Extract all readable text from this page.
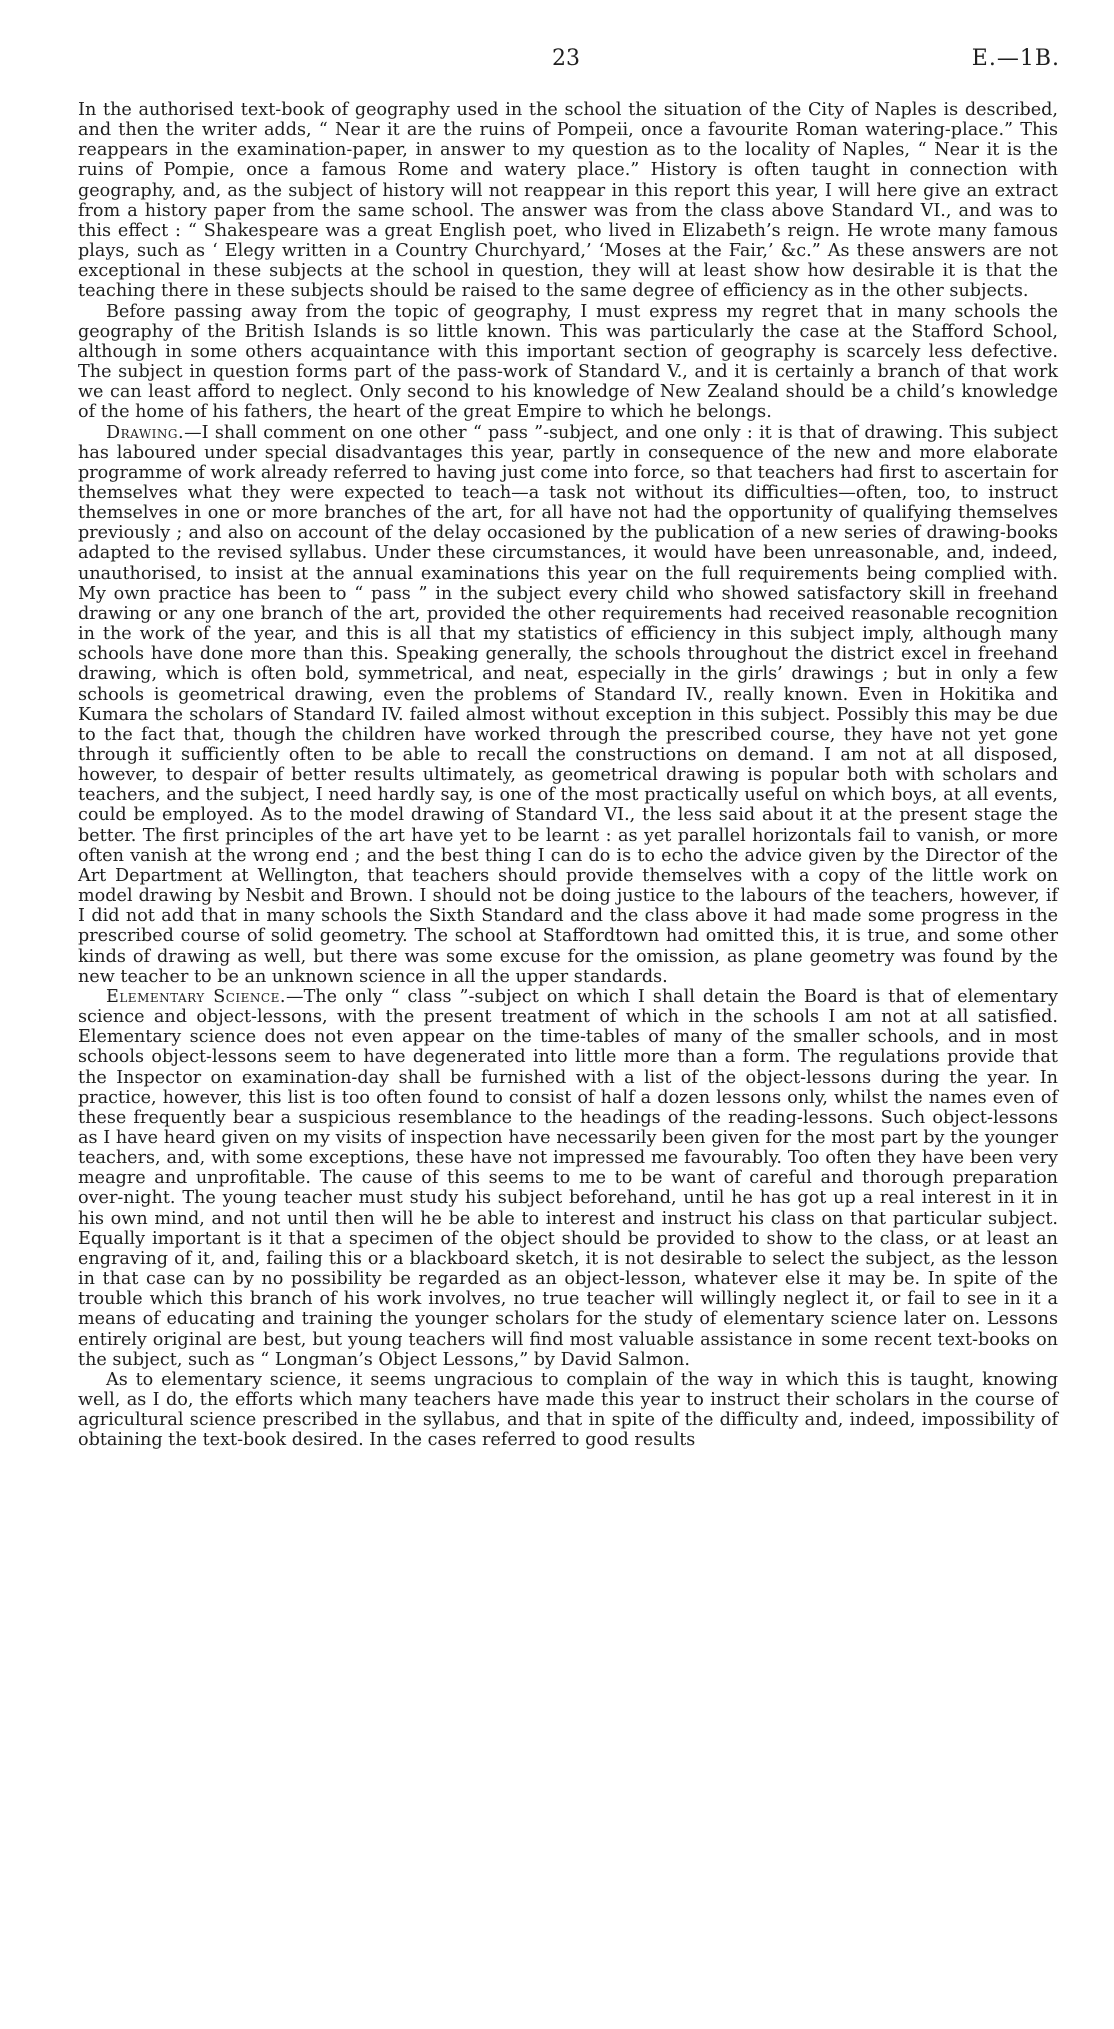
23	E.—1B.

In the authorised text-book of geography used in the school the situation of the City of Naples is described, and then the writer adds, “ Near it are the ruins of Pompeii, once a favourite Roman watering-place.” This reappears in the examination-paper, in answer to my question as to the locality of Naples, “ Near it is the ruins of Pompie, once a famous Rome and watery place.” History is often taught in connection with geography, and, as the subject of history will not reappear in this report this year, I will here give an extract from a history paper from the same school. The answer was from the class above Standard VI., and was to this effect : “ Shakespeare was a great English poet, who lived in Elizabeth’s reign. He wrote many famous plays, such as ‘ Elegy written in a Country Churchyard,’ ‘Moses at the Fair,’ &c.” As these answers are not exceptional in these subjects at the school in question, they will at least show how desirable it is that the teaching there in these subjects should be raised to the same degree of efficiency as in the other subjects.

Before passing away from the topic of geography, I must express my regret that in many schools the geography of the British Islands is so little known. This was particularly the case at the Stafford School, although in some others acquaintance with this important section of geography is scarcely less defective. The subject in question forms part of the pass-work of Standard V., and it is certainly a branch of that work we can least afford to neglect. Only second to his knowledge of New Zealand should be a child’s knowledge of the home of his fathers, the heart of the great Empire to which he belongs.

Drawing.—I shall comment on one other “ pass ”-subject, and one only : it is that of drawing. This subject has laboured under special disadvantages this year, partly in consequence of the new and more elaborate programme of work already referred to having just come into force, so that teachers had first to ascertain for themselves what they were expected to teach—a task not without its difficulties—often, too, to instruct themselves in one or more branches of the art, for all have not had the opportunity of qualifying themselves previously ; and also on account of the delay occasioned by the publication of a new series of drawing-books adapted to the revised syllabus. Under these circumstances, it would have been unreasonable, and, indeed, unauthorised, to insist at the annual examinations this year on the full requirements being complied with. My own practice has been to “ pass ” in the subject every child who showed satisfactory skill in freehand drawing or any one branch of the art, provided the other requirements had received reasonable recognition in the work of the year, and this is all that my statistics of efficiency in this subject imply, although many schools have done more than this. Speaking generally, the schools throughout the district excel in freehand drawing, which is often bold, symmetrical, and neat, especially in the girls’ drawings ; but in only a few schools is geometrical drawing, even the problems of Standard IV., really known. Even in Hokitika and Kumara the scholars of Standard IV. failed almost without exception in this subject. Possibly this may be due to the fact that, though the children have worked through the prescribed course, they have not yet gone through it sufficiently often to be able to recall the constructions on demand. I am not at all disposed, however, to despair of better results ultimately, as geometrical drawing is popular both with scholars and teachers, and the subject, I need hardly say, is one of the most practically useful on which boys, at all events, could be employed. As to the model drawing of Standard VI., the less said about it at the present stage the better. The first principles of the art have yet to be learnt : as yet parallel horizontals fail to vanish, or more often vanish at the wrong end ; and the best thing I can do is to echo the advice given by the Director of the Art Department at Wellington, that teachers should provide themselves with a copy of the little work on model drawing by Nesbit and Brown. I should not be doing justice to the labours of the teachers, however, if I did not add that in many schools the Sixth Standard and the class above it had made some progress in the prescribed course of solid geometry. The school at Staffordtown had omitted this, it is true, and some other kinds of drawing as well, but there was some excuse for the omission, as plane geometry was found by the new teacher to be an unknown science in all the upper standards.

Elementary Science.—The only “ class ”-subject on which I shall detain the Board is that of elementary science and object-lessons, with the present treatment of which in the schools I am not at all satisfied. Elementary science does not even appear on the time-tables of many of the smaller schools, and in most schools object-lessons seem to have degenerated into little more than a form. The regulations provide that the Inspector on examination-day shall be furnished with a list of the object-lessons during the year. In practice, however, this list is too often found to consist of half a dozen lessons only, whilst the names even of these frequently bear a suspicious resemblance to the headings of the reading-lessons. Such object-lessons as I have heard given on my visits of inspection have necessarily been given for the most part by the younger teachers, and, with some exceptions, these have not impressed me favourably. Too often they have been very meagre and unprofitable. The cause of this seems to me to be want of careful and thorough preparation over-night. The young teacher must study his subject beforehand, until he has got up a real interest in it in his own mind, and not until then will he be able to interest and instruct his class on that particular subject. Equally important is it that a specimen of the object should be provided to show to the class, or at least an engraving of it, and, failing this or a blackboard sketch, it is not desirable to select the subject, as the lesson in that case can by no possibility be regarded as an object-lesson, whatever else it may be. In spite of the trouble which this branch of his work involves, no true teacher will willingly neglect it, or fail to see in it a means of educating and training the younger scholars for the study of elementary science later on. Lessons entirely original are best, but young teachers will find most valuable assistance in some recent text-books on the subject, such as “ Longman’s Object Lessons,” by David Salmon.

As to elementary science, it seems ungracious to complain of the way in which this is taught, knowing well, as I do, the efforts which many teachers have made this year to instruct their scholars in the course of agricultural science prescribed in the syllabus, and that in spite of the difficulty and, indeed, impossibility of obtaining the text-book desired. In the cases referred to good results
